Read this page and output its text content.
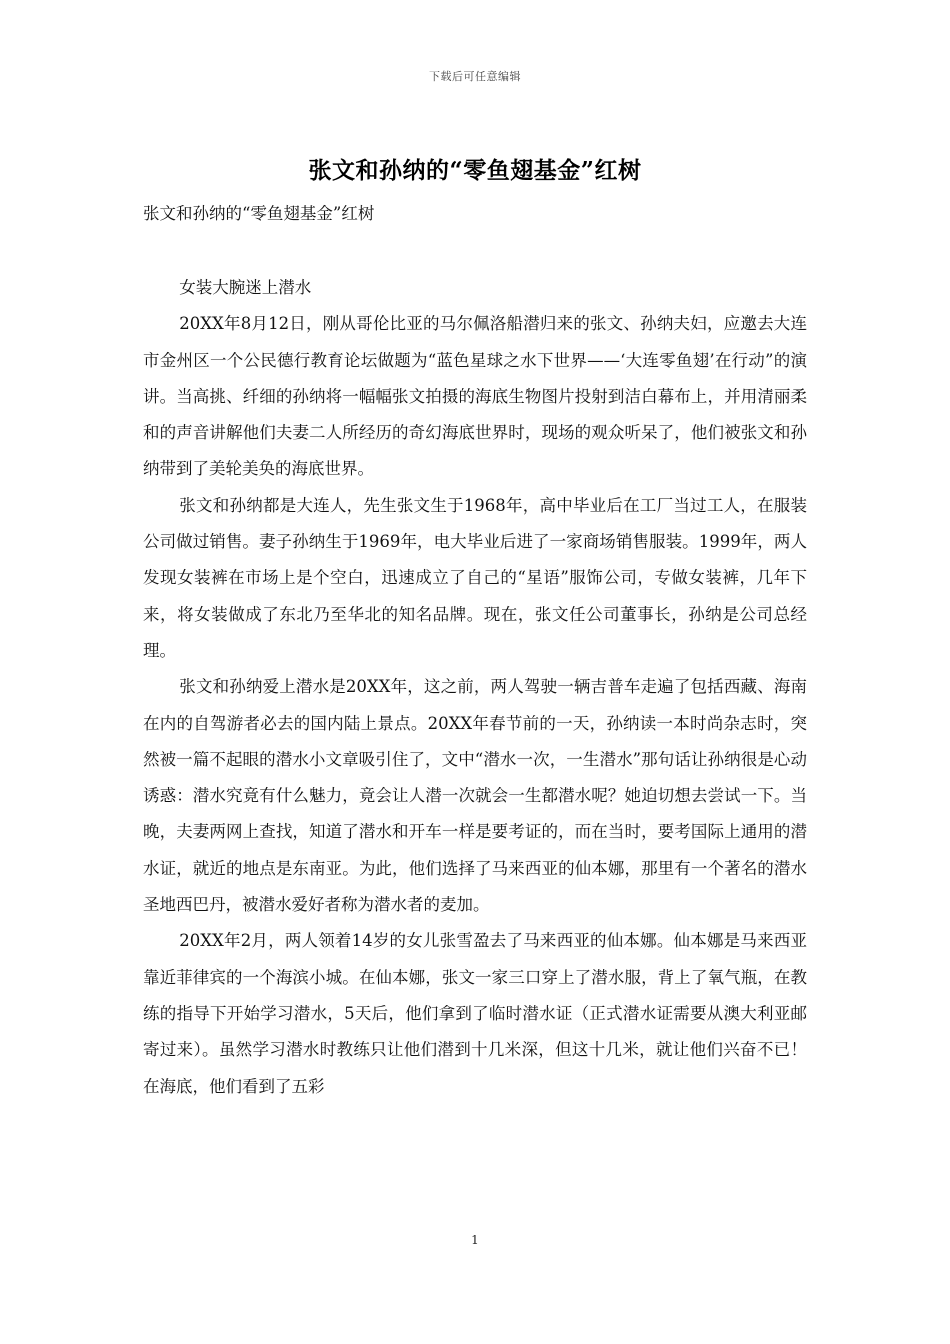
下载后可任意编辑
张文和孙纳的“零鱼翅基金”红树
张文和孙纳的“零鱼翅基金”红树

女装大腕迷上潜水

20XX年8月12日，刚从哥伦比亚的马尔佩洛船潜归来的张文、孙纳夫妇，应邀去大连市金州区一个公民德行教育论坛做题为“蓝色星球之水下世界——‘大连零鱼翅’在行动”的演讲。当高挑、纤细的孙纳将一幅幅张文拍摄的海底生物图片投射到洁白幕布上，并用清丽柔和的声音讲解他们夫妻二人所经历的奇幻海底世界时，现场的观众听呆了，他们被张文和孙纳带到了美轮美奂的海底世界。

张文和孙纳都是大连人，先生张文生于1968年，高中毕业后在工厂当过工人，在服装公司做过销售。妻子孙纳生于1969年，电大毕业后进了一家商场销售服装。1999年，两人发现女装裤在市场上是个空白，迅速成立了自己的“星语”服饰公司，专做女装裤，几年下来，将女装做成了东北乃至华北的知名品牌。现在，张文任公司董事长，孙纳是公司总经理。

张文和孙纳爱上潜水是20XX年，这之前，两人驾驶一辆吉普车走遍了包括西藏、海南在内的自驾游者必去的国内陆上景点。20XX年春节前的一天，孙纳读一本时尚杂志时，突然被一篇不起眼的潜水小文章吸引住了，文中“潜水一次，一生潜水”那句话让孙纳很是心动诱惑：潜水究竟有什么魅力，竟会让人潜一次就会一生都潜水呢？她迫切想去尝试一下。当晚，夫妻两网上查找，知道了潜水和开车一样是要考证的，而在当时，要考国际上通用的潜水证，就近的地点是东南亚。为此，他们选择了马来西亚的仙本娜，那里有一个著名的潜水圣地西巴丹，被潜水爱好者称为潜水者的麦加。

20XX年2月，两人领着14岁的女儿张雪盈去了马来西亚的仙本娜。仙本娜是马来西亚靠近菲律宾的一个海滨小城。在仙本娜，张文一家三口穿上了潜水服，背上了氧气瓶，在教练的指导下开始学习潜水，5天后，他们拿到了临时潜水证（正式潜水证需要从澳大利亚邮寄过来）。虽然学习潜水时教练只让他们潜到十几米深，但这十几米，就让他们兴奋不已！在海底，他们看到了五彩

1
